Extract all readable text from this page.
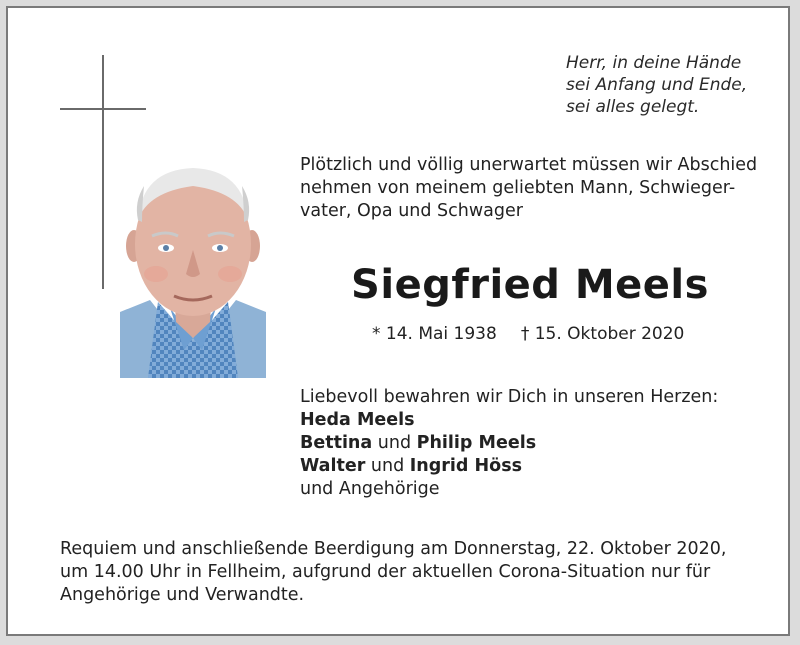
Herr, in deine Hände
sei Anfang und Ende,
sei alles gelegt.
Plötzlich und völlig unerwartet müssen wir Abschied
nehmen von meinem geliebten Mann, Schwieger-
vater, Opa und Schwager
Siegfried Meels
* 14. Mai 1938 † 15. Oktober 2020
Liebevoll bewahren wir Dich in unseren Herzen:
Heda Meels
Bettina und Philip Meels
Walter und Ingrid Höss
und Angehörige
Requiem und anschließende Beerdigung am Donnerstag, 22. Oktober 2020,
um 14.00 Uhr in Fellheim, aufgrund der aktuellen Corona-Situation nur für
Angehörige und Verwandte.
